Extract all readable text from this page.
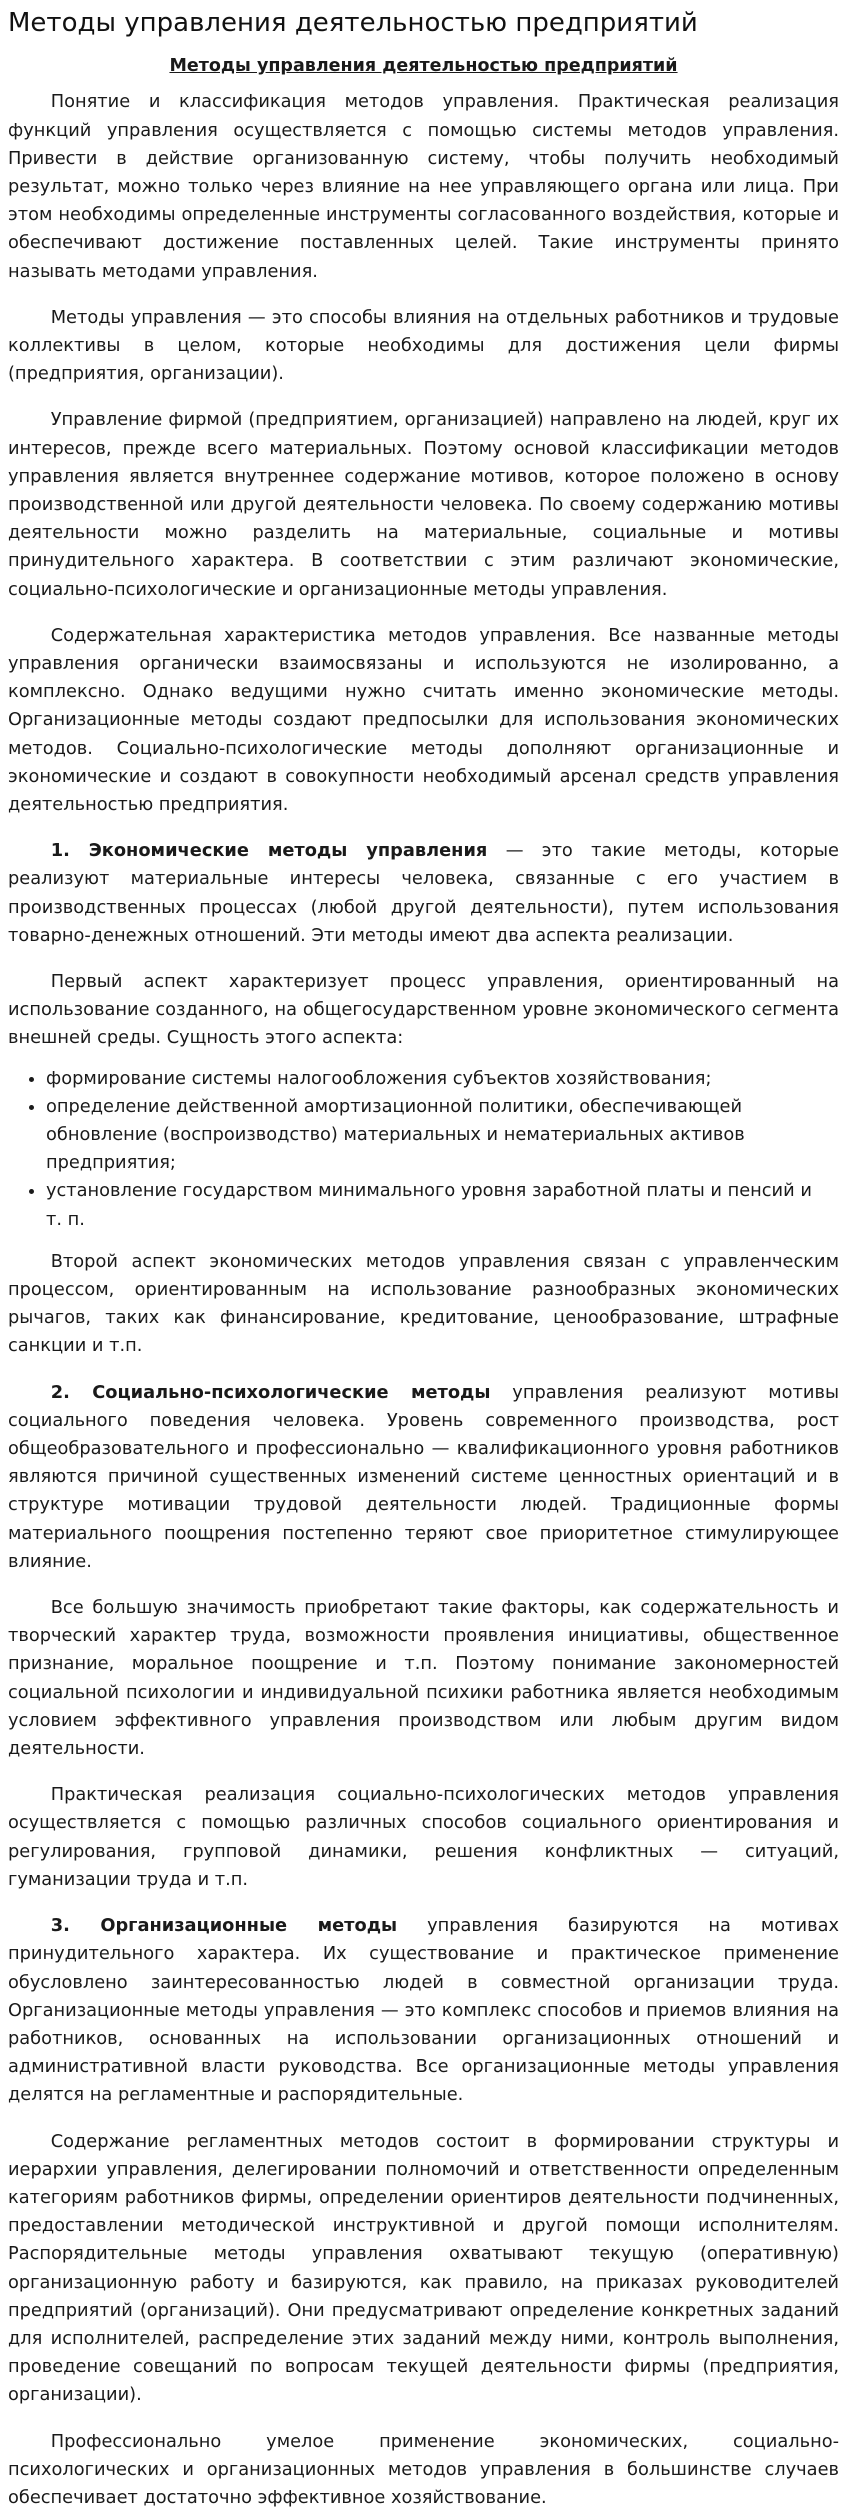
Методы управления деятельностью предприятий
Методы управления деятельностью предприятий

Понятие и классификация методов управления. Практическая реализация функций управления осуществляется с помощью системы методов управления. Привести в действие организованную систему, чтобы получить необходимый результат, можно только через влияние на нее управляющего органа или лица. При этом необходимы определенные инструменты согласованного воздействия, которые и обеспечивают достижение поставленных целей. Такие инструменты принято называть методами управления.

Методы управления — это способы влияния на отдельных работников и трудовые коллективы в целом, которые необходимы для достижения цели фирмы (предприятия, организации).

Управление фирмой (предприятием, организацией) направлено на людей, круг их интересов, прежде всего материальных. Поэтому основой классификации методов управления является внутреннее содержание мотивов, которое положено в основу производственной или другой деятельности человека. По своему содержанию мотивы деятельности можно разделить на материальные, социальные и мотивы принудительного характера. В соответствии с этим различают экономические, социально-психологические и организационные методы управления.

Содержательная характеристика методов управления. Все названные методы управления органически взаимосвязаны и используются не изолированно, а комплексно. Однако ведущими нужно считать именно экономические методы. Организационные методы создают предпосылки для использования экономических методов. Социально-психологические методы дополняют организационные и экономические и создают в совокупности необходимый арсенал средств управления деятельностью предприятия.

1. Экономические методы управления — это такие методы, которые реализуют материальные интересы человека, связанные с его участием в производственных процессах (любой другой деятельности), путем использования товарно-денежных отношений. Эти методы имеют два аспекта реализации.

Первый аспект характеризует процесс управления, ориентированный на использование созданного, на общегосударственном уровне экономического сегмента внешней среды. Сущность этого аспекта:

• формирование системы налогообложения субъектов хозяйствования;
• определение действенной амортизационной политики, обеспечивающей обновление (воспроизводство) материальных и нематериальных активов предприятия;
• установление государством минимального уровня заработной платы и пенсий и т. п.

Второй аспект экономических методов управления связан с управленческим процессом, ориентированным на использование разнообразных экономических рычагов, таких как финансирование, кредитование, ценообразование, штрафные санкции и т.п.

2. Социально-психологические методы управления реализуют мотивы социального поведения человека. Уровень современного производства, рост общеобразовательного и профессионально — квалификационного уровня работников являются причиной существенных изменений системе ценностных ориентаций и в структуре мотивации трудовой деятельности людей. Традиционные формы материального поощрения постепенно теряют свое приоритетное стимулирующее влияние.

Все большую значимость приобретают такие факторы, как содержательность и творческий характер труда, возможности проявления инициативы, общественное признание, моральное поощрение и т.п. Поэтому понимание закономерностей социальной психологии и индивидуальной психики работника является необходимым условием эффективного управления производством или любым другим видом деятельности.

Практическая реализация социально-психологических методов управления осуществляется с помощью различных способов социального ориентирования и регулирования, групповой динамики, решения конфликтных — ситуаций, гуманизации труда и т.п.

3. Организационные методы управления базируются на мотивах принудительного характера. Их существование и практическое применение обусловлено заинтересованностью людей в совместной организации труда. Организационные методы управления — это комплекс способов и приемов влияния на работников, основанных на использовании организационных отношений и административной власти руководства. Все организационные методы управления делятся на регламентные и распорядительные.

Содержание регламентных методов состоит в формировании структуры и иерархии управления, делегировании полномочий и ответственности определенным категориям работников фирмы, определении ориентиров деятельности подчиненных, предоставлении методической инструктивной и другой помощи исполнителям. Распорядительные методы управления охватывают текущую (оперативную) организационную работу и базируются, как правило, на приказах руководителей предприятий (организаций). Они предусматривают определение конкретных заданий для исполнителей, распределение этих заданий между ними, контроль выполнения, проведение совещаний по вопросам текущей деятельности фирмы (предприятия, организации).

Профессионально умелое применение экономических, социально-психологических и организационных методов управления в большинстве случаев обеспечивает достаточно эффективное хозяйствование.
